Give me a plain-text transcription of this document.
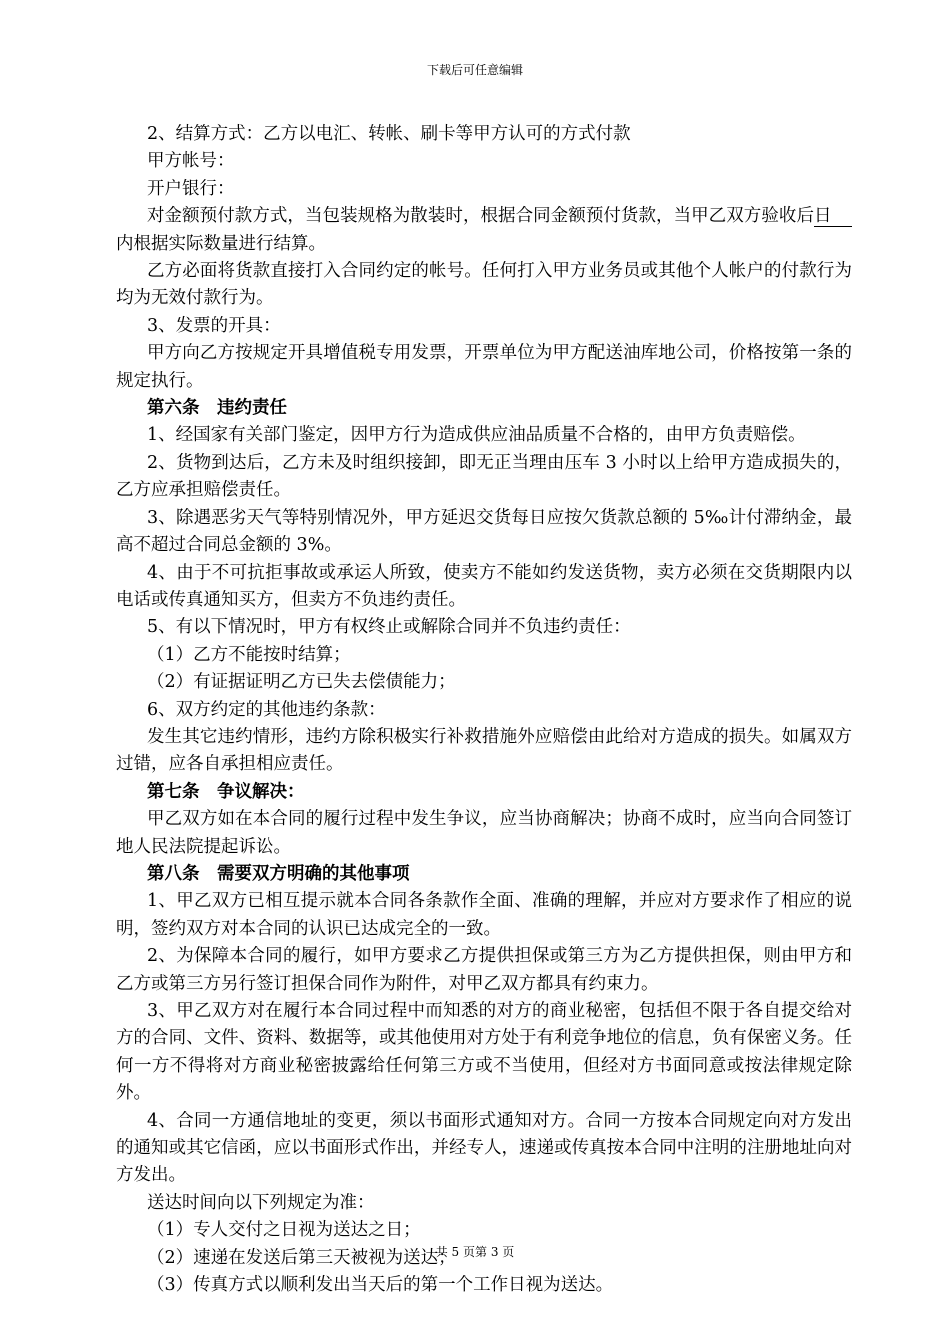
下载后可任意编辑

2、结算方式：乙方以电汇、转帐、刷卡等甲方认可的方式付款

甲方帐号：

开户银行：

对金额预付款方式，当包装规格为散装时，根据合同金额预付货款，当甲乙双方验收后日内根据实际数量进行结算。

乙方必面将货款直接打入合同约定的帐号。任何打入甲方业务员或其他个人帐户的付款行为均为无效付款行为。

3、发票的开具：

甲方向乙方按规定开具增值税专用发票，开票单位为甲方配送油库地公司，价格按第一条的规定执行。

第六条　违约责任

1、经国家有关部门鉴定，因甲方行为造成供应油品质量不合格的，由甲方负责赔偿。

2、货物到达后，乙方未及时组织接卸，即无正当理由压车 3 小时以上给甲方造成损失的，乙方应承担赔偿责任。

3、除遇恶劣天气等特别情况外，甲方延迟交货每日应按欠货款总额的 5‰计付滞纳金，最高不超过合同总金额的 3%。

4、由于不可抗拒事故或承运人所致，使卖方不能如约发送货物，卖方必须在交货期限内以电话或传真通知买方，但卖方不负违约责任。

5、有以下情况时，甲方有权终止或解除合同并不负违约责任：

（1）乙方不能按时结算；

（2）有证据证明乙方已失去偿债能力；

6、双方约定的其他违约条款：

发生其它违约情形，违约方除积极实行补救措施外应赔偿由此给对方造成的损失。如属双方过错，应各自承担相应责任。

第七条　争议解决：

甲乙双方如在本合同的履行过程中发生争议，应当协商解决；协商不成时，应当向合同签订地人民法院提起诉讼。

第八条　需要双方明确的其他事项

1、甲乙双方已相互提示就本合同各条款作全面、准确的理解，并应对方要求作了相应的说明，签约双方对本合同的认识已达成完全的一致。

2、为保障本合同的履行，如甲方要求乙方提供担保或第三方为乙方提供担保，则由甲方和乙方或第三方另行签订担保合同作为附件，对甲乙双方都具有约束力。

3、甲乙双方对在履行本合同过程中而知悉的对方的商业秘密，包括但不限于各自提交给对方的合同、文件、资料、数据等，或其他使用对方处于有利竞争地位的信息，负有保密义务。任何一方不得将对方商业秘密披露给任何第三方或不当使用，但经对方书面同意或按法律规定除外。

4、合同一方通信地址的变更，须以书面形式通知对方。合同一方按本合同规定向对方发出的通知或其它信函，应以书面形式作出，并经专人，速递或传真按本合同中注明的注册地址向对方发出。

送达时间向以下列规定为准：

（1）专人交付之日视为送达之日；

（2）速递在发送后第三天被视为送达；

（3）传真方式以顺利发出当天后的第一个工作日视为送达。

共 5 页第 3 页
